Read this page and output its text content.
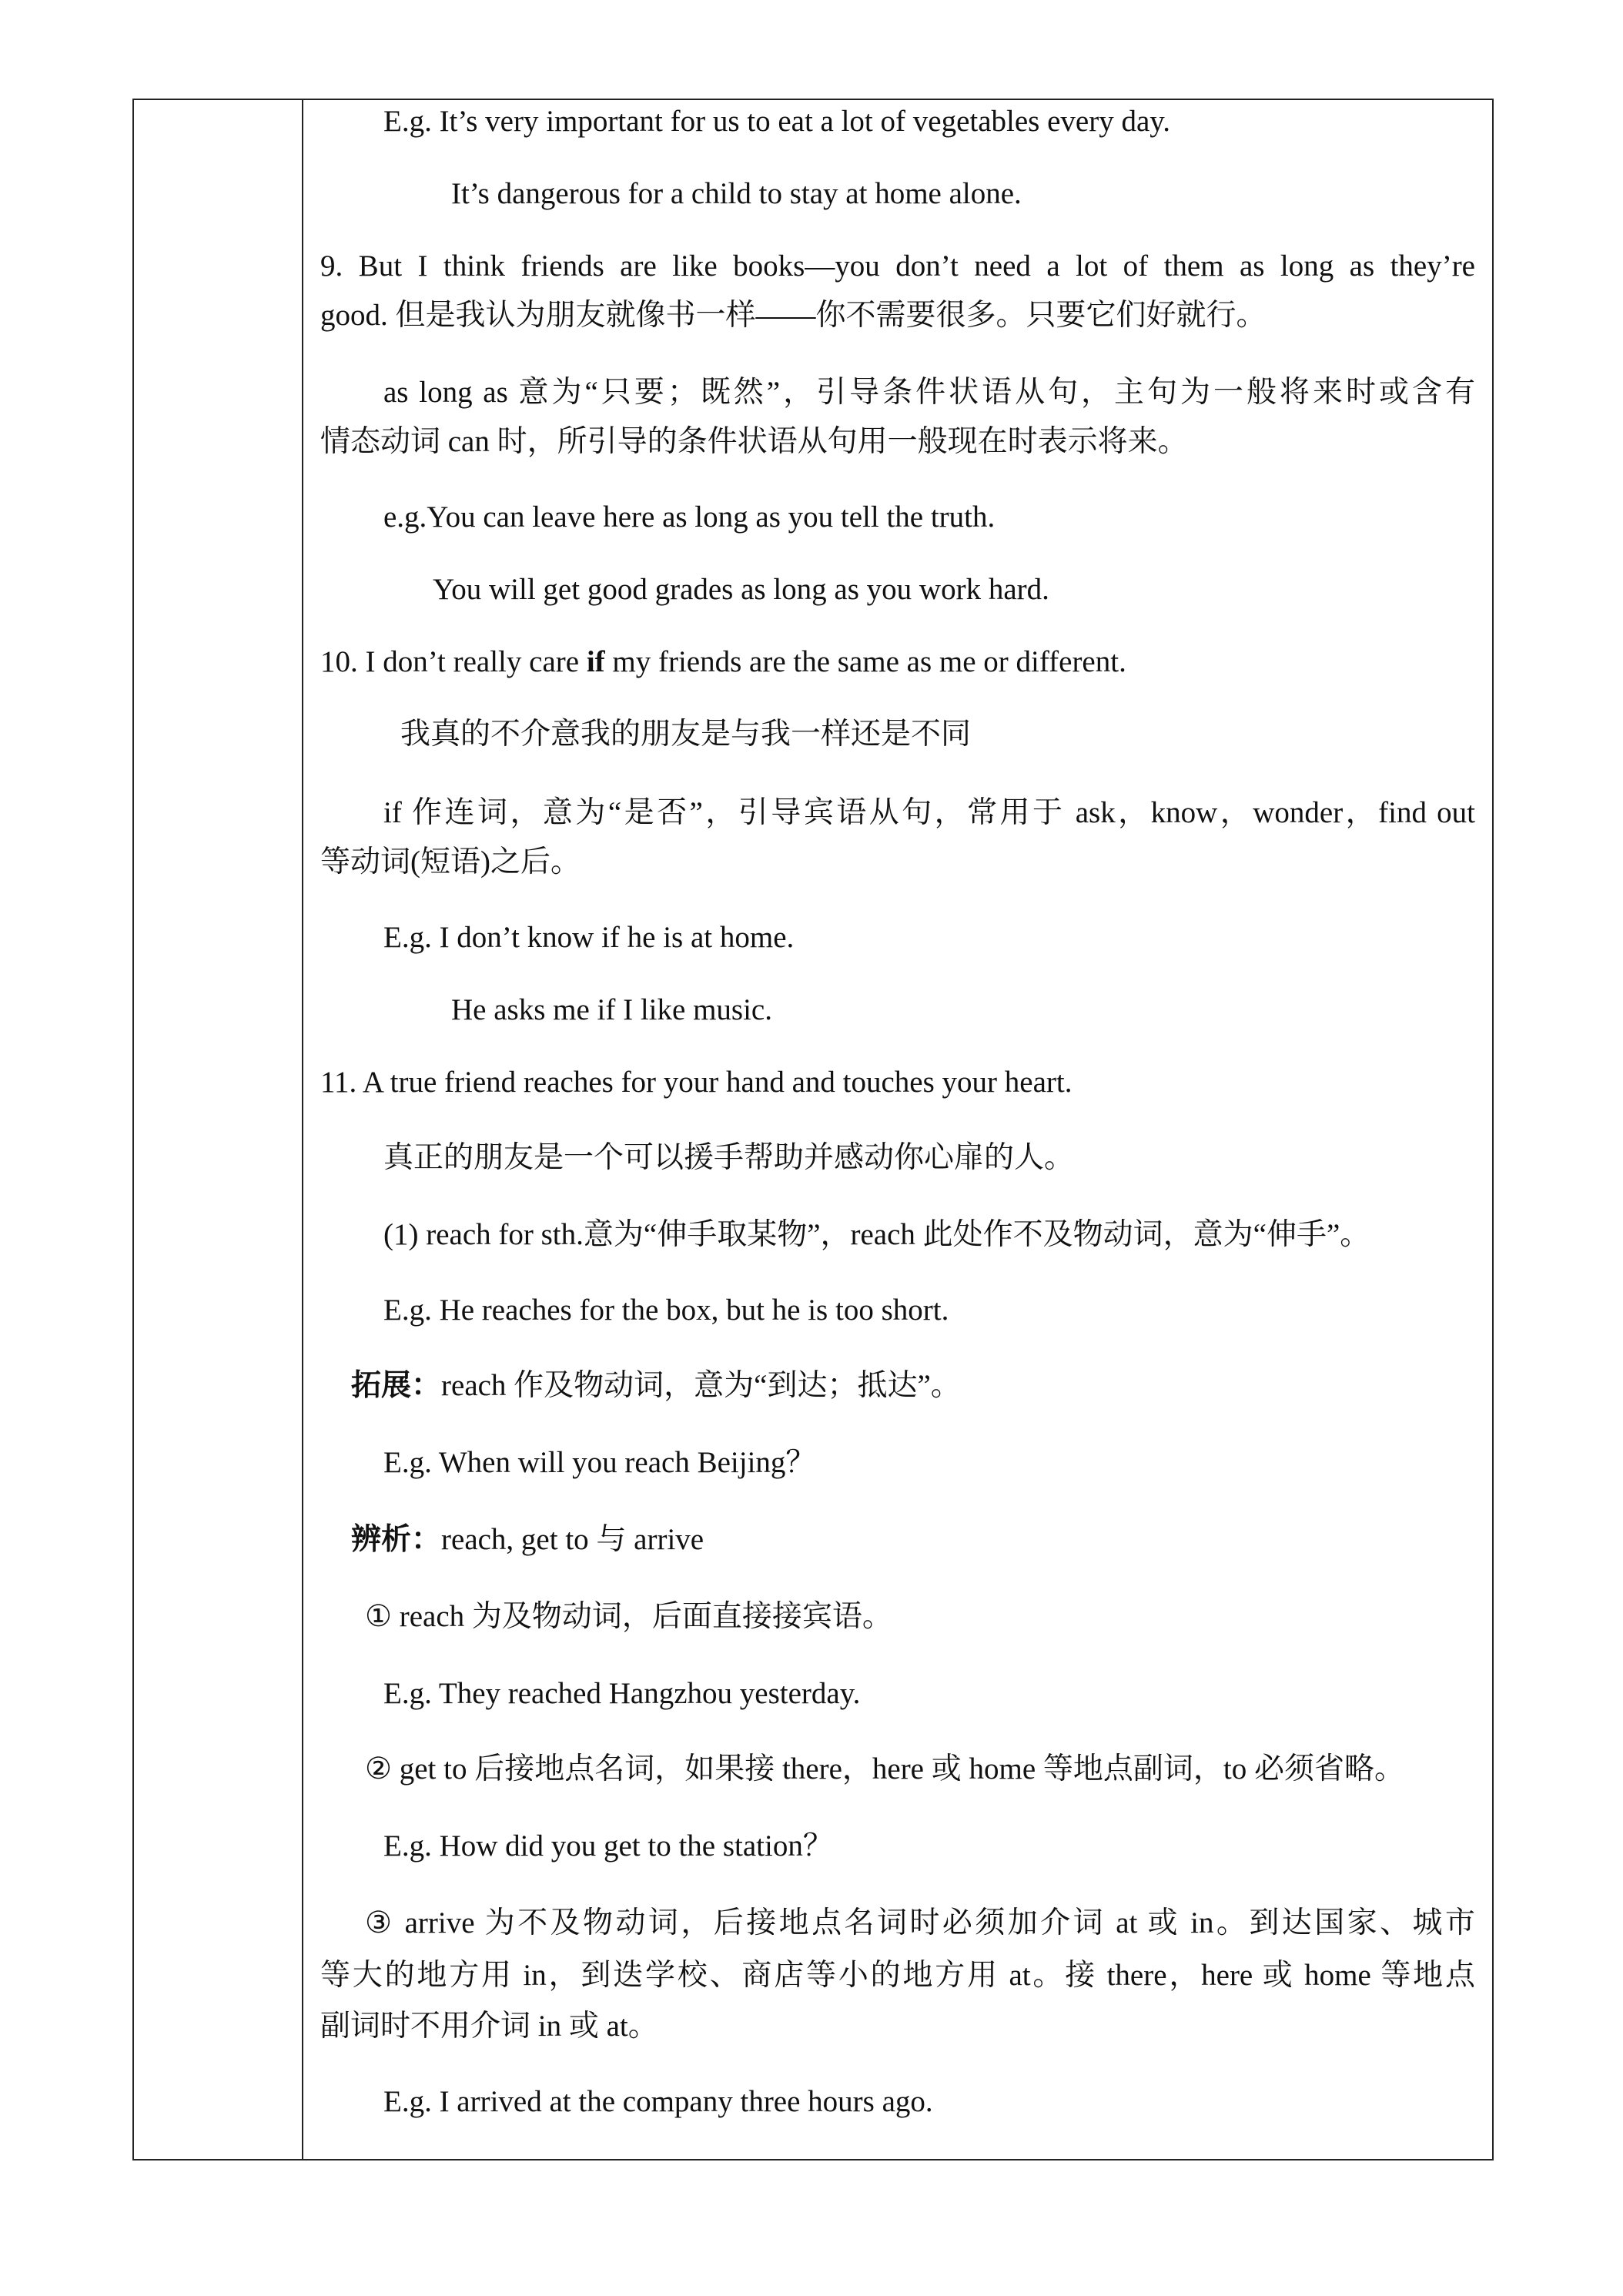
E.g. It’s very important for us to eat a lot of vegetables every day.
It’s dangerous for a child to stay at home alone.
9. But I think friends are like books—you don’t need a lot of them as long as they’re
good. 但是我认为朋友就像书一样——你不需要很多。只要它们好就行。
as long as 意为“只要；既然”，引导条件状语从句，主句为一般将来时或含有
情态动词 can 时，所引导的条件状语从句用一般现在时表示将来。
e.g.You can leave here as long as you tell the truth.
You will get good grades as long as you work hard.
10. I don’t really care if my friends are the same as me or different.
我真的不介意我的朋友是与我一样还是不同
if 作连词，意为“是否”，引导宾语从句，常用于 ask，know，wonder，find out
等动词(短语)之后。
E.g. I don’t know if he is at home.
He asks me if I like music.
11. A true friend reaches for your hand and touches your heart.
真正的朋友是一个可以援手帮助并感动你心扉的人。
(1) reach for sth.意为“伸手取某物”，reach 此处作不及物动词，意为“伸手”。
E.g. He reaches for the box, but he is too short.
拓展：reach 作及物动词，意为“到达；抵达”。
E.g. When will you reach Beijing？
辨析：reach, get to 与 arrive
① reach 为及物动词，后面直接接宾语。
E.g. They reached Hangzhou yesterday.
② get to 后接地点名词，如果接 there，here 或 home 等地点副词，to 必须省略。
E.g. How did you get to the station？
③ arrive 为不及物动词，后接地点名词时必须加介词 at 或 in。到达国家、城市
等大的地方用 in，到迭学校、商店等小的地方用 at。接 there，here 或 home 等地点
副词时不用介词 in 或 at。
E.g. I arrived at the company three hours ago.
